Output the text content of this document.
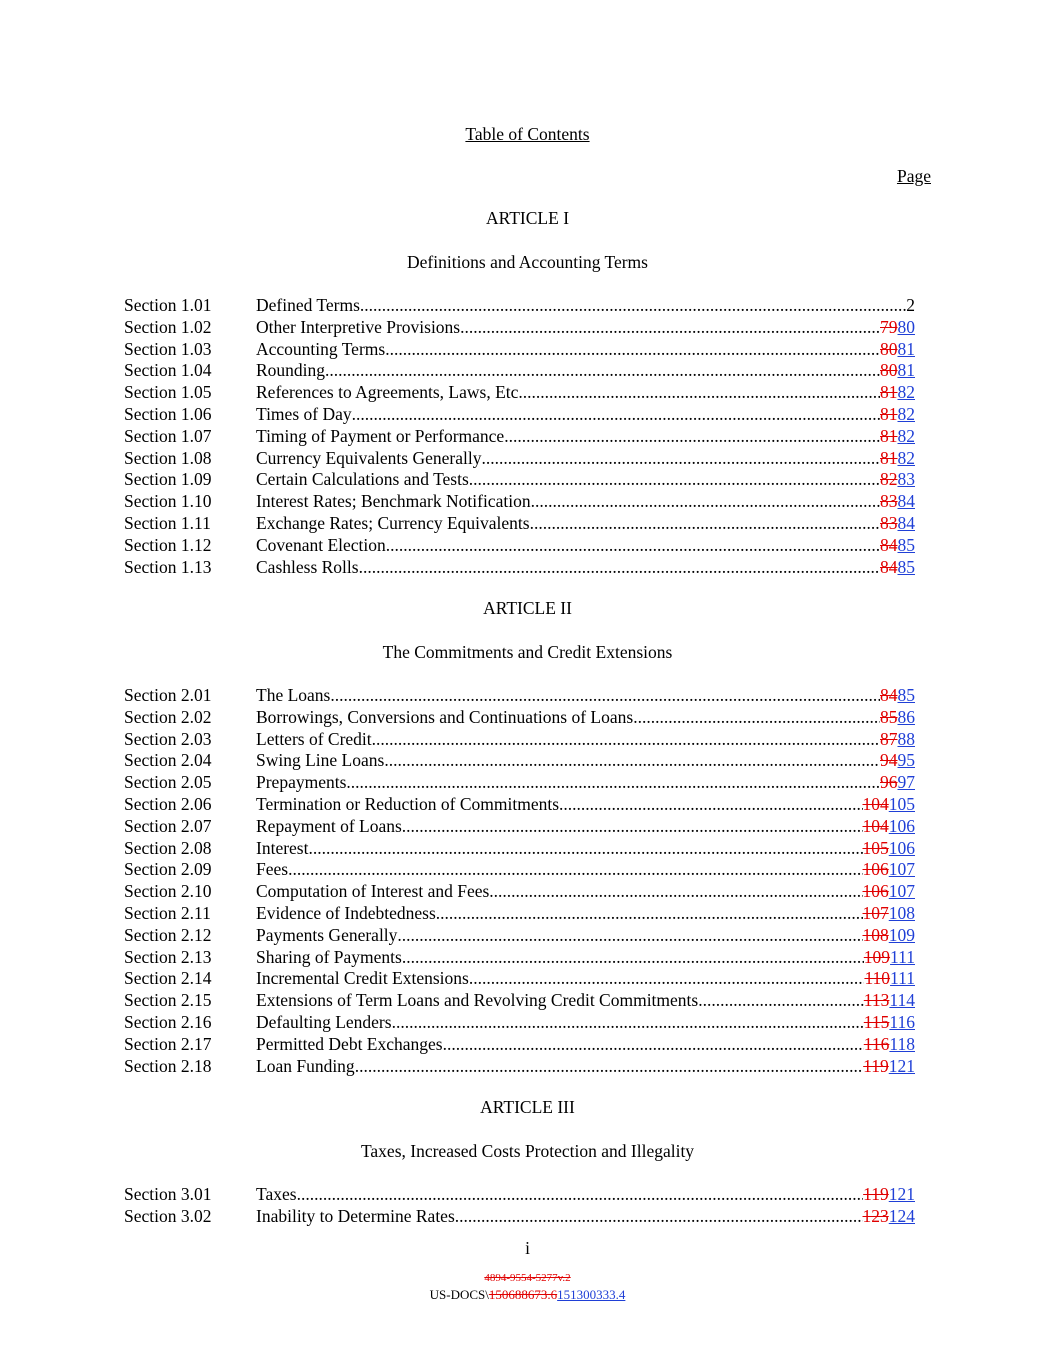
Table of Contents
Page
ARTICLE I
Definitions and Accounting Terms
Section 1.01	Defined Terms .....	2
Section 1.02	Other Interpretive Provisions .....	7980
Section 1.03	Accounting Terms .....	8081
Section 1.04	Rounding .....	8081
Section 1.05	References to Agreements, Laws, Etc. .....	8182
Section 1.06	Times of Day .....	8182
Section 1.07	Timing of Payment or Performance .....	8182
Section 1.08	Currency Equivalents Generally .....	8182
Section 1.09	Certain Calculations and Tests .....	8283
Section 1.10	Interest Rates; Benchmark Notification .....	8384
Section 1.11	Exchange Rates; Currency Equivalents .....	8384
Section 1.12	Covenant Election .....	8485
Section 1.13	Cashless Rolls .....	8485
ARTICLE II
The Commitments and Credit Extensions
Section 2.01	The Loans .....	8485
Section 2.02	Borrowings, Conversions and Continuations of Loans .....	8586
Section 2.03	Letters of Credit .....	8788
Section 2.04	Swing Line Loans .....	9495
Section 2.05	Prepayments .....	9697
Section 2.06	Termination or Reduction of Commitments .....	104105
Section 2.07	Repayment of Loans .....	104106
Section 2.08	Interest .....	105106
Section 2.09	Fees .....	106107
Section 2.10	Computation of Interest and Fees .....	106107
Section 2.11	Evidence of Indebtedness .....	107108
Section 2.12	Payments Generally .....	108109
Section 2.13	Sharing of Payments .....	109111
Section 2.14	Incremental Credit Extensions .....	110111
Section 2.15	Extensions of Term Loans and Revolving Credit Commitments .....	113114
Section 2.16	Defaulting Lenders .....	115116
Section 2.17	Permitted Debt Exchanges .....	116118
Section 2.18	Loan Funding .....	119121
ARTICLE III
Taxes, Increased Costs Protection and Illegality
Section 3.01	Taxes .....	119121
Section 3.02	Inability to Determine Rates .....	123124
i
4894-9554-5277v.2
US-DOCS\150688673.6151300333.4
